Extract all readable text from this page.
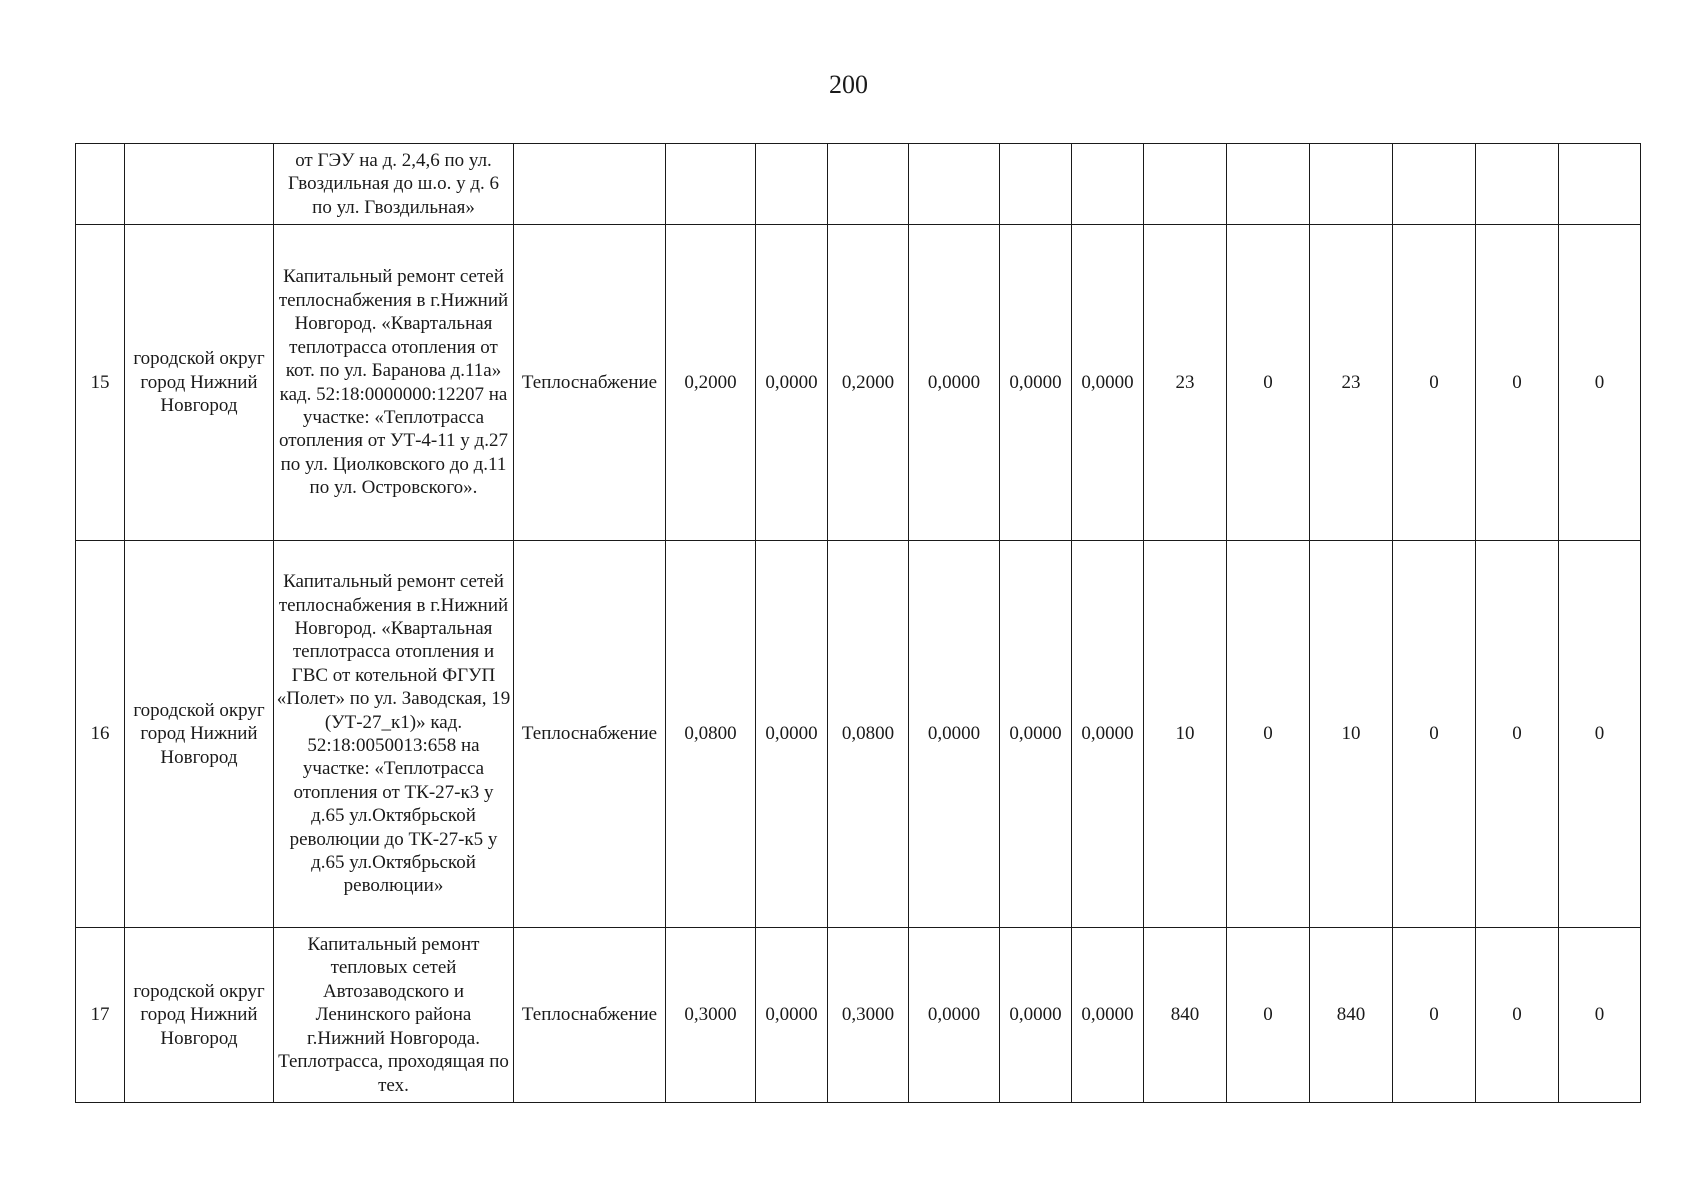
200
		от ГЭУ на д. 2,4,6 по ул. Гвоздильная до ш.о. у д. 6 по ул. Гвоздильная»													
15	городской округ город Нижний Новгород	Капитальный ремонт сетей теплоснабжения в г.Нижний Новгород. «Квартальная теплотрасса отопления от кот. по ул. Баранова д.11а» кад. 52:18:0000000:12207 на участке: «Теплотрасса отопления от УТ-4-11 у д.27 по ул. Циолковского до д.11 по ул. Островского».	Теплоснабжение	0,2000	0,0000	0,2000	0,0000	0,0000	0,0000	23	0	23	0	0	0
16	городской округ город Нижний Новгород	Капитальный ремонт сетей теплоснабжения в г.Нижний Новгород. «Квартальная теплотрасса отопления и ГВС от котельной ФГУП «Полет» по ул. Заводская, 19 (УТ-27_к1)» кад. 52:18:0050013:658 на участке: «Теплотрасса отопления от ТК-27-к3 у д.65 ул.Октябрьской революции до ТК-27-к5 у д.65 ул.Октябрьской революции»	Теплоснабжение	0,0800	0,0000	0,0800	0,0000	0,0000	0,0000	10	0	10	0	0	0
17	городской округ город Нижний Новгород	Капитальный ремонт тепловых сетей Автозаводского и Ленинского района г.Нижний Новгорода. Теплотрасса, проходящая по тех.	Теплоснабжение	0,3000	0,0000	0,3000	0,0000	0,0000	0,0000	840	0	840	0	0	0
